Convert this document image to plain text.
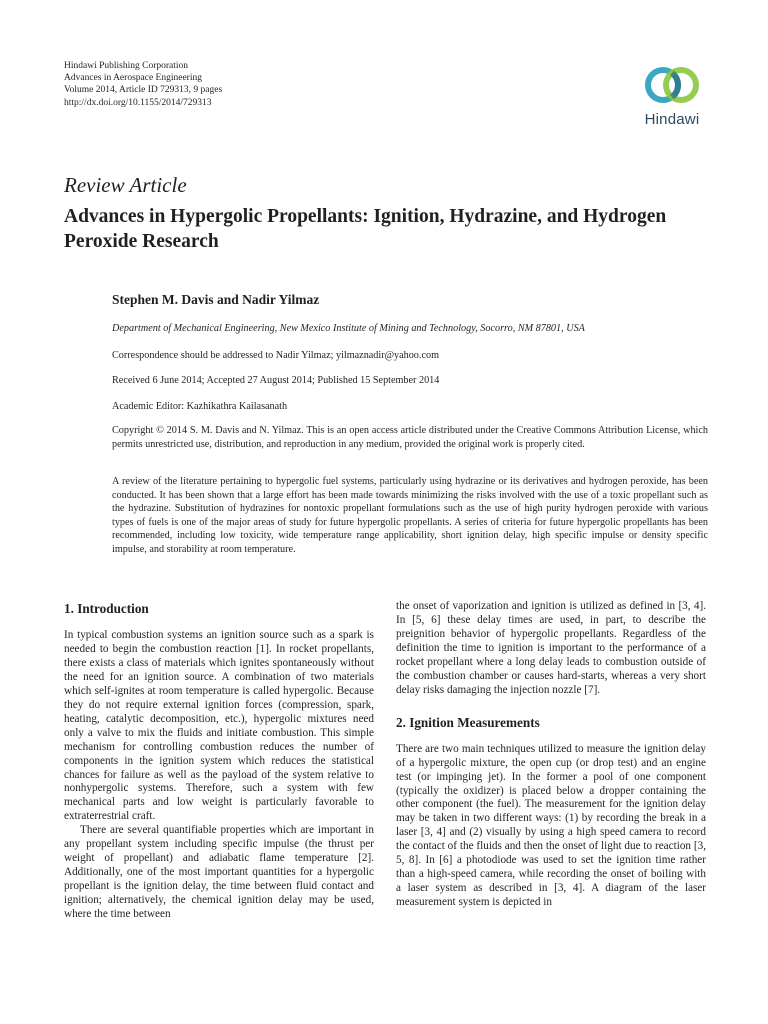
Hindawi Publishing Corporation
Advances in Aerospace Engineering
Volume 2014, Article ID 729313, 9 pages
http://dx.doi.org/10.1155/2014/729313
Hindawi
Review Article
Advances in Hypergolic Propellants: Ignition, Hydrazine, and Hydrogen Peroxide Research
Stephen M. Davis and Nadir Yilmaz
Department of Mechanical Engineering, New Mexico Institute of Mining and Technology, Socorro, NM 87801, USA
Correspondence should be addressed to Nadir Yilmaz; yilmaznadir@yahoo.com
Received 6 June 2014; Accepted 27 August 2014; Published 15 September 2014
Academic Editor: Kazhikathra Kailasanath
Copyright © 2014 S. M. Davis and N. Yilmaz. This is an open access article distributed under the Creative Commons Attribution License, which permits unrestricted use, distribution, and reproduction in any medium, provided the original work is properly cited.
A review of the literature pertaining to hypergolic fuel systems, particularly using hydrazine or its derivatives and hydrogen peroxide, has been conducted. It has been shown that a large effort has been made towards minimizing the risks involved with the use of a toxic propellant such as the hydrazine. Substitution of hydrazines for nontoxic propellant formulations such as the use of high purity hydrogen peroxide with various types of fuels is one of the major areas of study for future hypergolic propellants. A series of criteria for future hypergolic propellants has been recommended, including low toxicity, wide temperature range applicability, short ignition delay, high specific impulse or density specific impulse, and storability at room temperature.
1. Introduction

In typical combustion systems an ignition source such as a spark is needed to begin the combustion reaction [1]. In rocket propellants, there exists a class of materials which ignites spontaneously without the need for an ignition source. A combination of two materials which self-ignites at room temperature is called hypergolic. Because they do not require external ignition forces (compression, spark, heating, catalytic decomposition, etc.), hypergolic mixtures need only a valve to mix the fluids and initiate combustion. This simple mechanism for controlling combustion reduces the number of components in the ignition system which reduces the statistical chances for failure as well as the payload of the system relative to nonhypergolic systems. Therefore, such a system with few mechanical parts and low weight is particularly favorable to extraterrestrial craft.

There are several quantifiable properties which are important in any propellant system including specific impulse (the thrust per weight of propellant) and adiabatic flame temperature [2]. Additionally, one of the most important quantities for a hypergolic propellant is the ignition delay, the time between fluid contact and ignition; alternatively, the chemical ignition delay may be used, where the time between

the onset of vaporization and ignition is utilized as defined in [3, 4]. In [5, 6] these delay times are used, in part, to describe the preignition behavior of hypergolic propellants. Regardless of the definition the time to ignition is important to the performance of a rocket propellant where a long delay leads to combustion outside of the combustion chamber or causes hard-starts, whereas a very short delay risks damaging the injection nozzle [7].

2. Ignition Measurements

There are two main techniques utilized to measure the ignition delay of a hypergolic mixture, the open cup (or drop test) and an engine test (or impinging jet). In the former a pool of one component (typically the oxidizer) is placed below a dropper containing the other component (the fuel). The measurement for the ignition delay may be taken in two different ways: (1) by recording the break in a laser [3, 4] and (2) visually by using a high speed camera to record the contact of the fluids and then the onset of light due to reaction [3, 5, 8]. In [6] a photodiode was used to set the ignition time rather than a high-speed camera, while recording the onset of boiling with a laser system as described in [3, 4]. A diagram of the laser measurement system is depicted in
